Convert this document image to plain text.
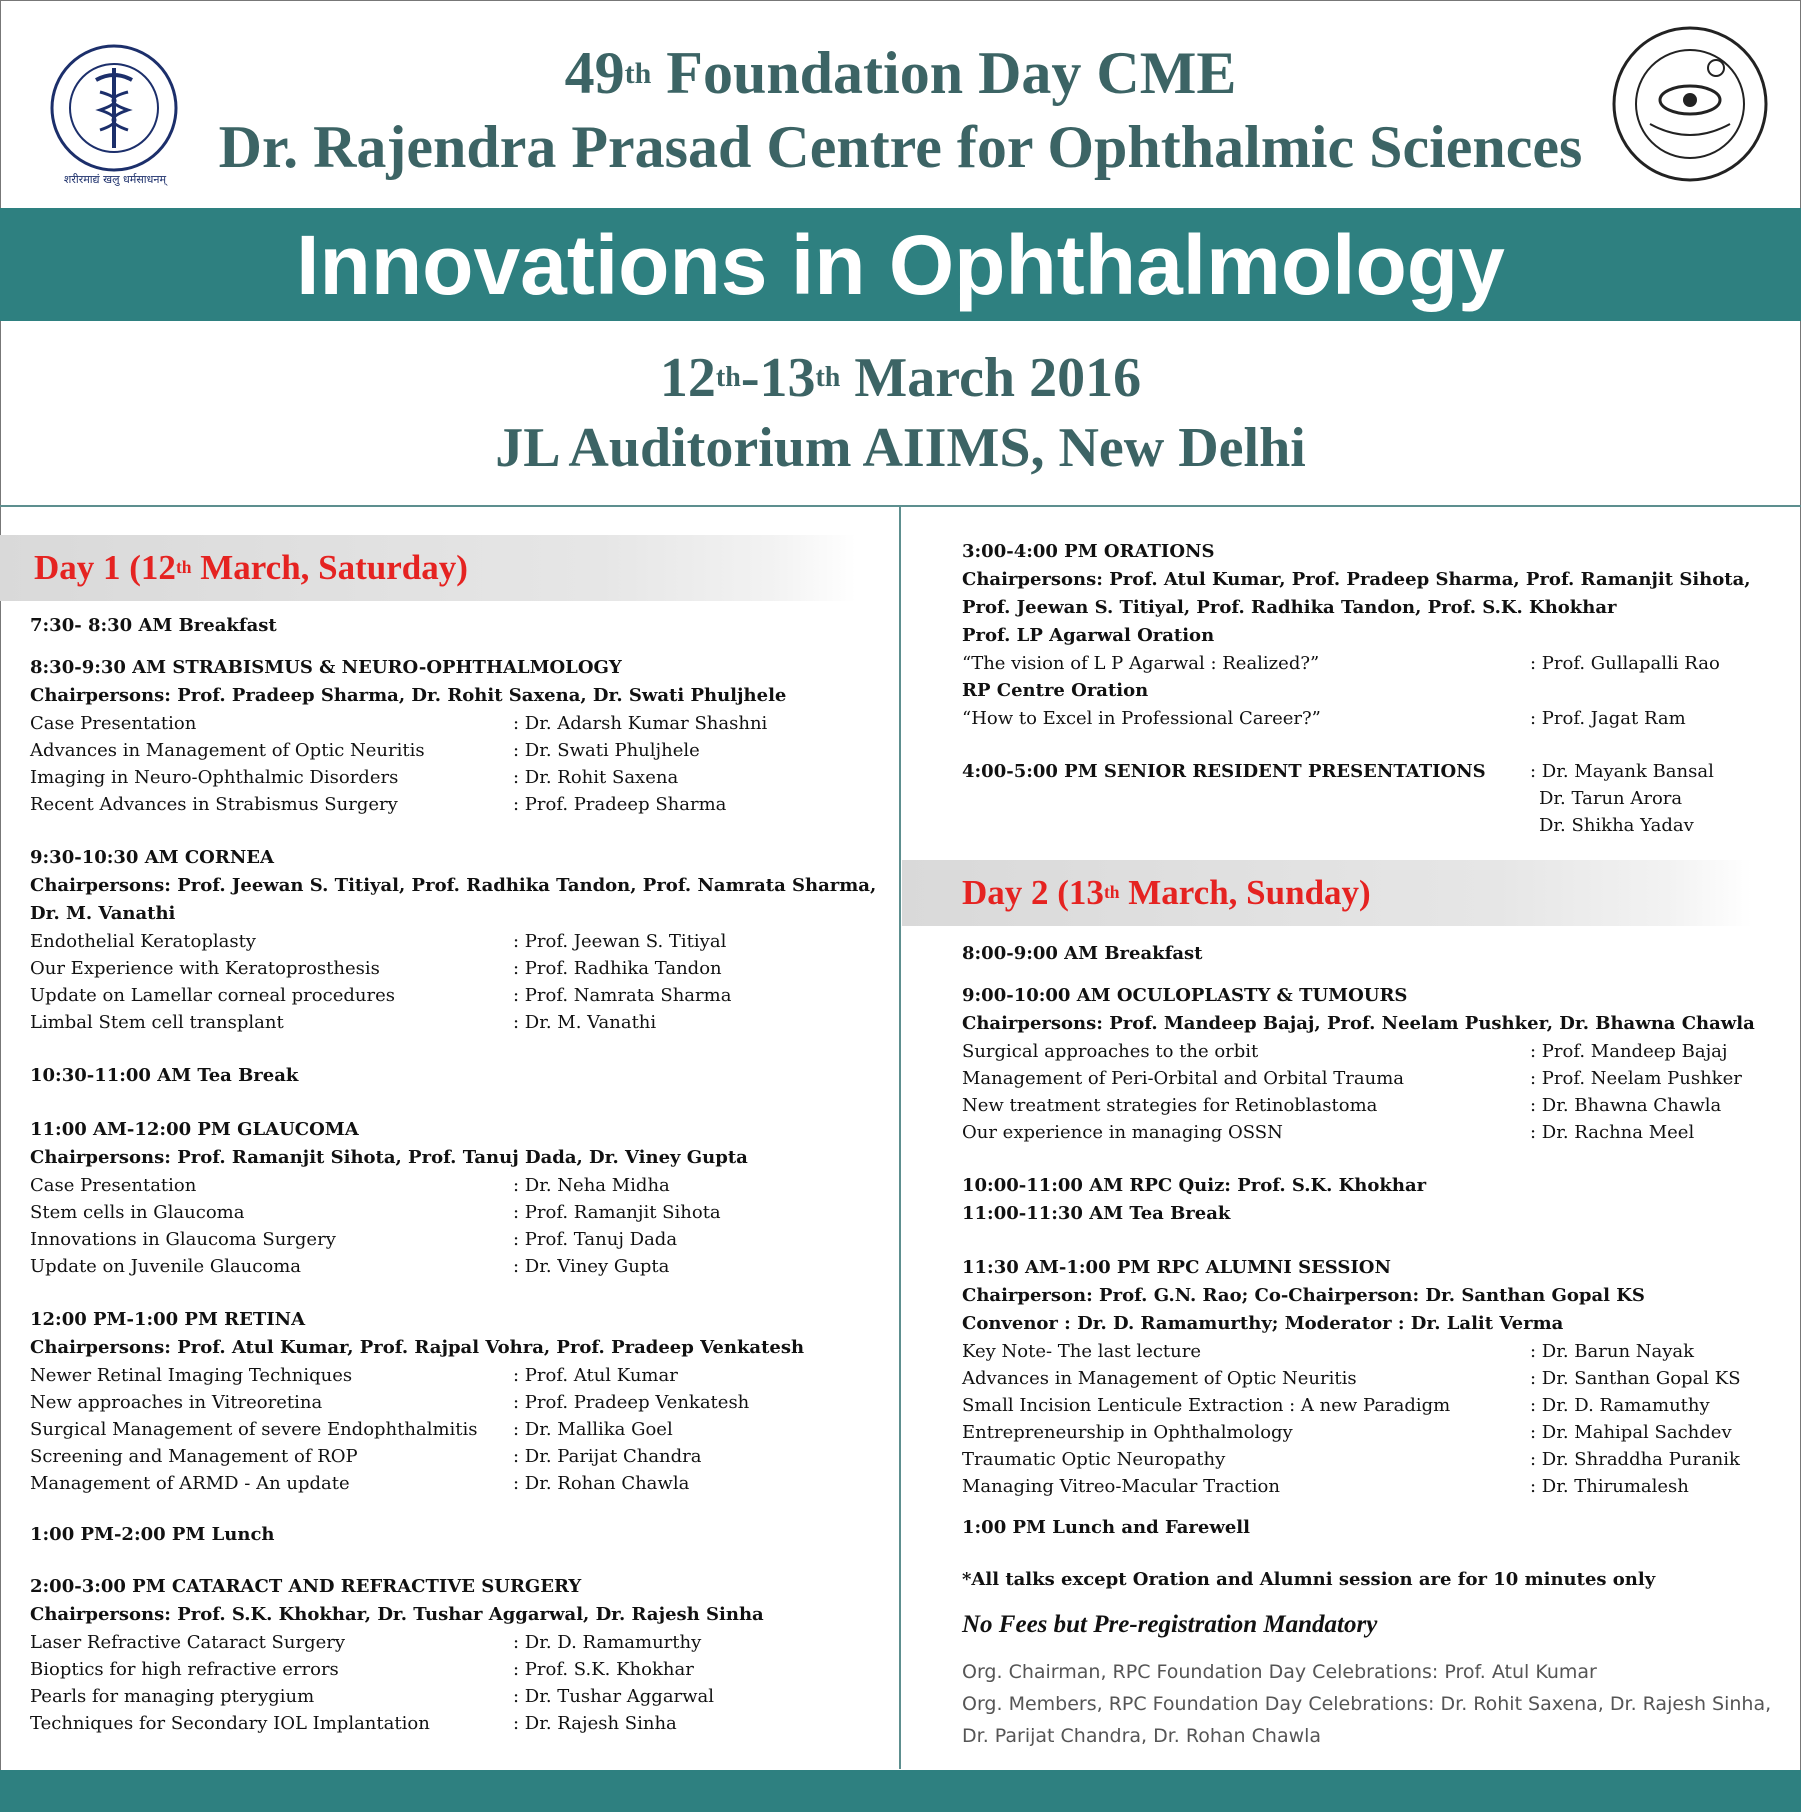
शरीरमाद्यं खलु धर्मसाधनम्
49th Foundation Day CME
Dr. Rajendra Prasad Centre for Ophthalmic Sciences
Innovations in Ophthalmology
12th-13th March 2016
JL Auditorium AIIMS, New Delhi
Day 1 (12th March, Saturday)
Day 2 (13th March, Sunday)
7:30- 8:30 AM Breakfast
8:30-9:30 AM STRABISMUS & NEURO-OPHTHALMOLOGY
Chairpersons: Prof. Pradeep Sharma, Dr. Rohit Saxena, Dr. Swati Phuljhele
Case Presentation	: Dr. Adarsh Kumar Shashni
Advances in Management of Optic Neuritis	: Dr. Swati Phuljhele
Imaging in Neuro-Ophthalmic Disorders	: Dr. Rohit Saxena
Recent Advances in Strabismus Surgery	: Prof. Pradeep Sharma
9:30-10:30 AM CORNEA
Chairpersons: Prof. Jeewan S. Titiyal, Prof. Radhika Tandon, Prof. Namrata Sharma,
Dr. M. Vanathi
Endothelial Keratoplasty	: Prof. Jeewan S. Titiyal
Our Experience with Keratoprosthesis	: Prof. Radhika Tandon
Update on Lamellar corneal procedures	: Prof. Namrata Sharma
Limbal Stem cell transplant	: Dr. M. Vanathi
10:30-11:00 AM Tea Break
11:00 AM-12:00 PM GLAUCOMA
Chairpersons: Prof. Ramanjit Sihota, Prof. Tanuj Dada, Dr. Viney Gupta
Case Presentation	: Dr. Neha Midha
Stem cells in Glaucoma	: Prof. Ramanjit Sihota
Innovations in Glaucoma Surgery	: Prof. Tanuj Dada
Update on Juvenile Glaucoma	: Dr. Viney Gupta
12:00 PM-1:00 PM RETINA
Chairpersons: Prof. Atul Kumar, Prof. Rajpal Vohra, Prof. Pradeep Venkatesh
Newer Retinal Imaging Techniques	: Prof. Atul Kumar
New approaches in Vitreoretina	: Prof. Pradeep Venkatesh
Surgical Management of severe Endophthalmitis : Dr. Mallika Goel
Screening and Management of ROP	: Dr. Parijat Chandra
Management of ARMD - An update	: Dr. Rohan Chawla
1:00 PM-2:00 PM Lunch
2:00-3:00 PM CATARACT AND REFRACTIVE SURGERY
Chairpersons: Prof. S.K. Khokhar, Dr. Tushar Aggarwal, Dr. Rajesh Sinha
Laser Refractive Cataract Surgery	: Dr. D. Ramamurthy
Bioptics for high refractive errors	: Prof. S.K. Khokhar
Pearls for managing pterygium	: Dr. Tushar Aggarwal
Techniques for Secondary IOL Implantation	: Dr. Rajesh Sinha
3:00-4:00 PM ORATIONS
Chairpersons: Prof. Atul Kumar, Prof. Pradeep Sharma, Prof. Ramanjit Sihota,
Prof. Jeewan S. Titiyal, Prof. Radhika Tandon, Prof. S.K. Khokhar
Prof. LP Agarwal Oration
“The vision of L P Agarwal : Realized?”	: Prof. Gullapalli Rao
RP Centre Oration
“How to Excel in Professional Career?”	: Prof. Jagat Ram
4:00-5:00 PM SENIOR RESIDENT PRESENTATIONS : Dr. Mayank Bansal
Dr. Tarun Arora
Dr. Shikha Yadav
8:00-9:00 AM Breakfast
9:00-10:00 AM OCULOPLASTY & TUMOURS
Chairpersons: Prof. Mandeep Bajaj, Prof. Neelam Pushker, Dr. Bhawna Chawla
Surgical approaches to the orbit	: Prof. Mandeep Bajaj
Management of Peri-Orbital and Orbital Trauma	: Prof. Neelam Pushker
New treatment strategies for Retinoblastoma	: Dr. Bhawna Chawla
Our experience in managing OSSN	: Dr. Rachna Meel
10:00-11:00 AM RPC Quiz: Prof. S.K. Khokhar
11:00-11:30 AM Tea Break
11:30 AM-1:00 PM RPC ALUMNI SESSION
Chairperson: Prof. G.N. Rao; Co-Chairperson: Dr. Santhan Gopal KS
Convenor : Dr. D. Ramamurthy; Moderator : Dr. Lalit Verma
Key Note- The last lecture	: Dr. Barun Nayak
Advances in Management of Optic Neuritis	: Dr. Santhan Gopal KS
Small Incision Lenticule Extraction : A new Paradigm	: Dr. D. Ramamuthy
Entrepreneurship in Ophthalmology	: Dr. Mahipal Sachdev
Traumatic Optic Neuropathy	: Dr. Shraddha Puranik
Managing Vitreo-Macular Traction	: Dr. Thirumalesh
1:00 PM Lunch and Farewell
*All talks except Oration and Alumni session are for 10 minutes only
No Fees but Pre-registration Mandatory
Org. Chairman, RPC Foundation Day Celebrations: Prof. Atul Kumar
Org. Members, RPC Foundation Day Celebrations: Dr. Rohit Saxena, Dr. Rajesh Sinha,
Dr. Parijat Chandra, Dr. Rohan Chawla
